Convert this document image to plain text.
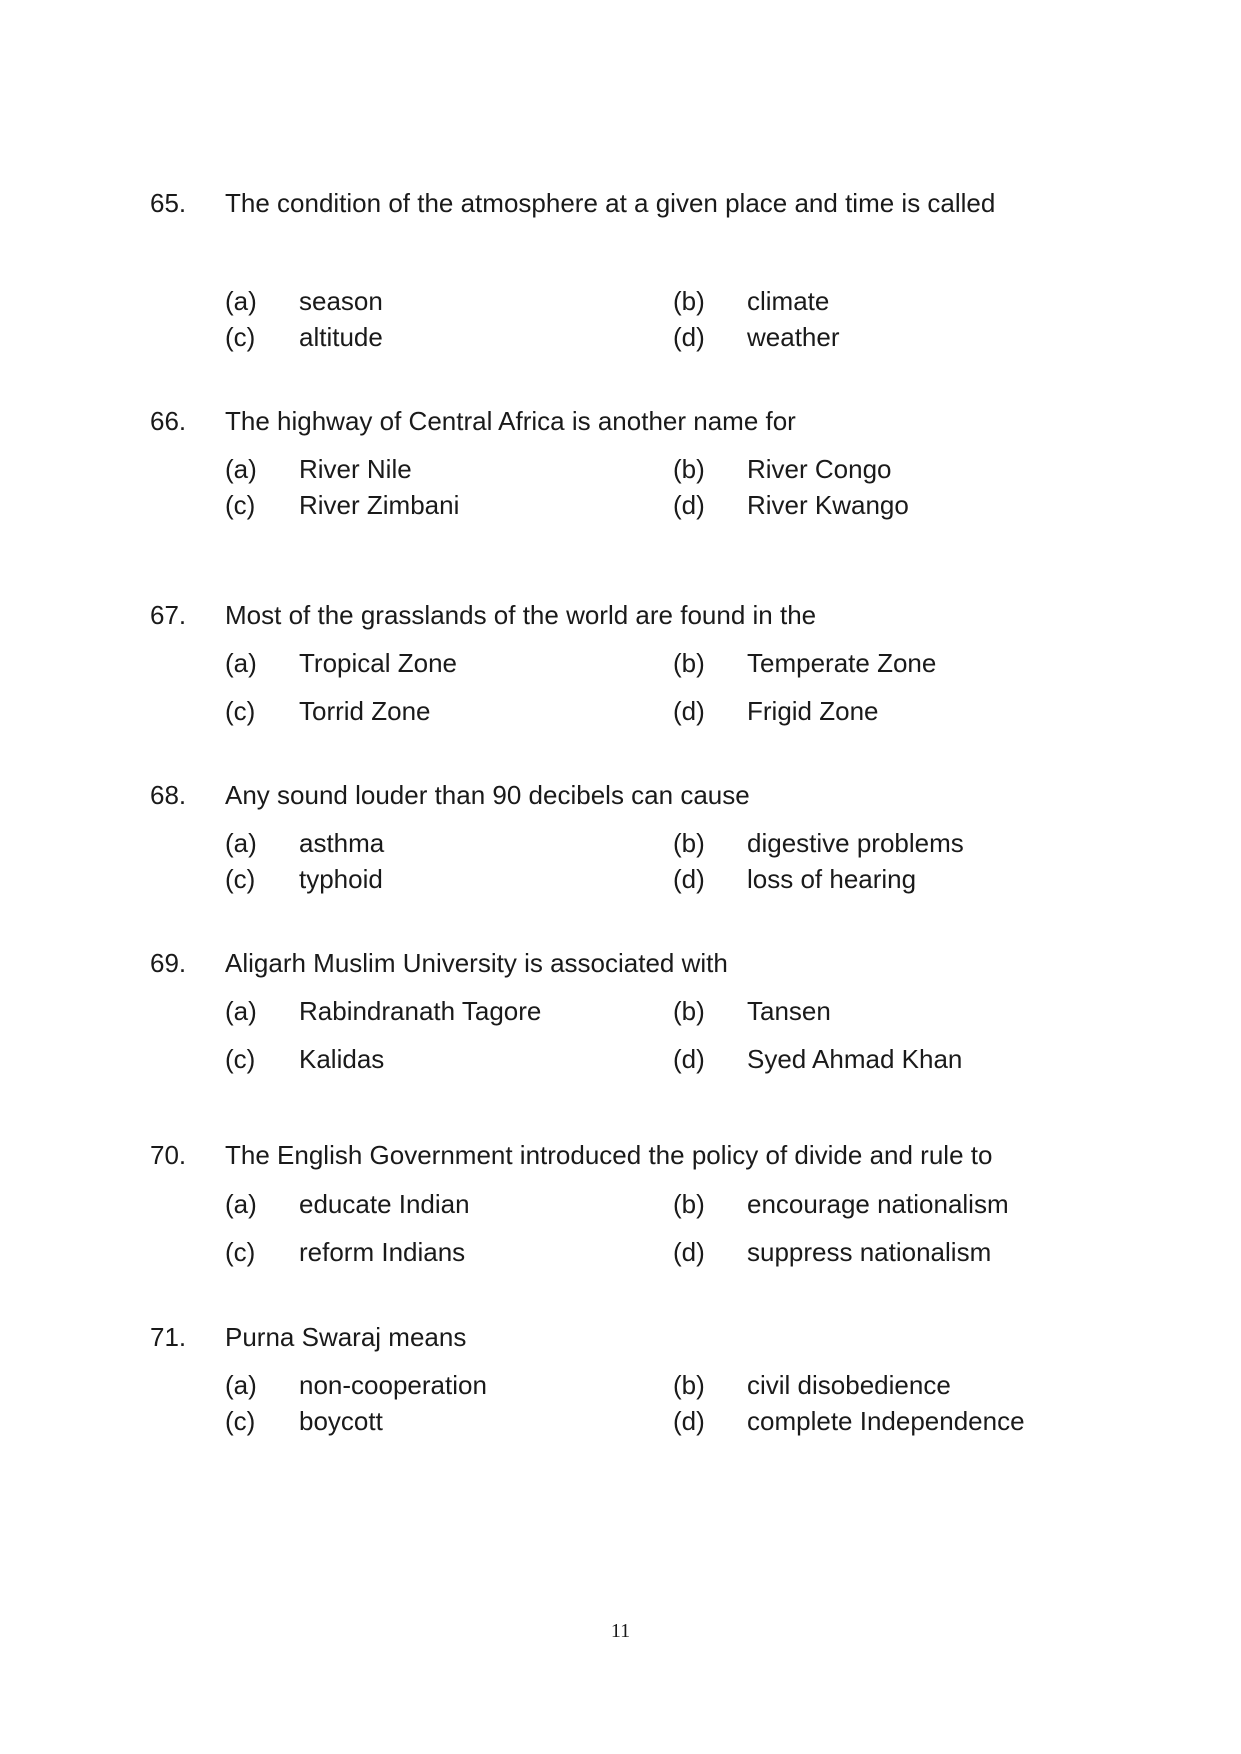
65. The condition of the atmosphere at a given place and time is called
(a) season	(b) climate
(c) altitude	(d) weather
66. The highway of Central Africa is another name for
(a) River Nile	(b) River Congo
(c) River Zimbani	(d) River Kwango
67. Most of the grasslands of the world are found in the
(a) Tropical Zone	(b) Temperate Zone
(c) Torrid Zone	(d) Frigid Zone
68. Any sound louder than 90 decibels can cause
(a) asthma	(b) digestive problems
(c) typhoid	(d) loss of hearing
69. Aligarh Muslim University is associated with
(a) Rabindranath Tagore	(b) Tansen
(c) Kalidas	(d) Syed Ahmad Khan
70. The English Government introduced the policy of divide and rule to
(a) educate Indian	(b) encourage nationalism
(c) reform Indians	(d) suppress nationalism
71. Purna Swaraj means
(a) non-cooperation	(b) civil disobedience
(c) boycott	(d) complete Independence
11
